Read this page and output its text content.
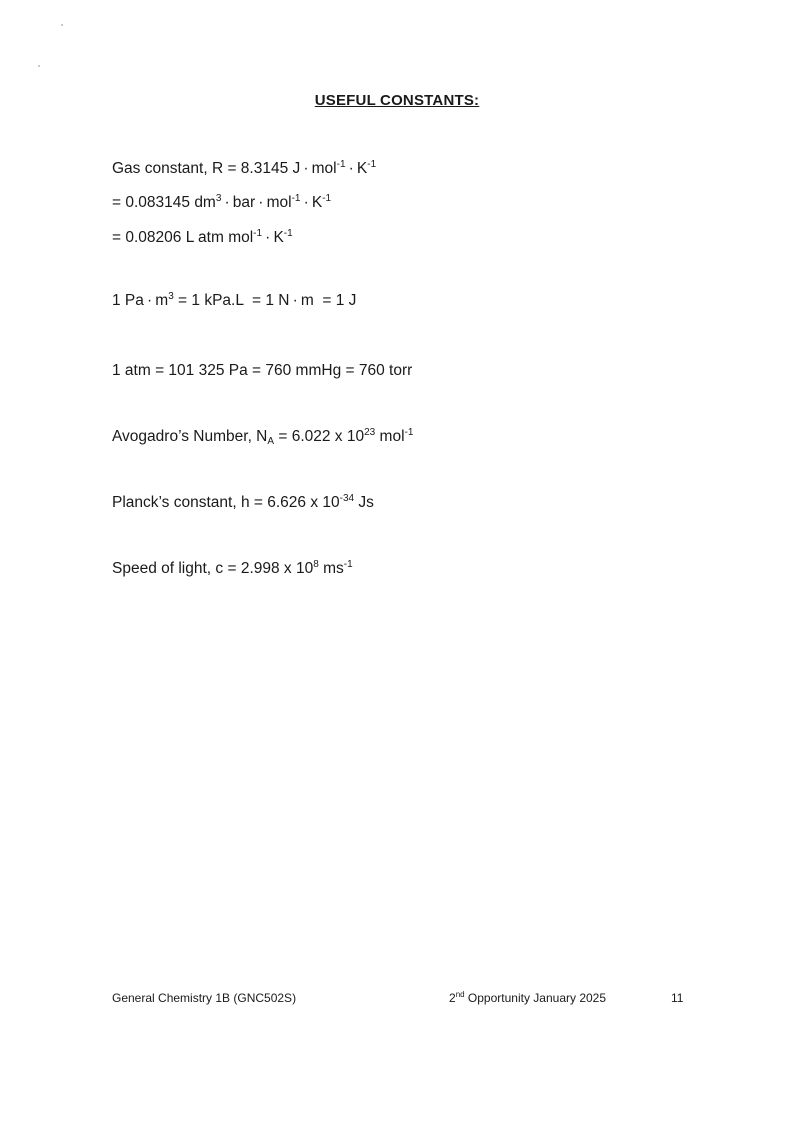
USEFUL CONSTANTS:
Gas constant, R = 8.3145 $J \cdot mol^{-1} \cdot K^{-1}$
= 0.083145 $dm^3$ · bar · $mol^{-1} \cdot K^{-1}$
= 0.08206 L atm $mol^{-1} \cdot K^{-1}$
1 $Pa \cdot m^3 = 1$ kPa.L  = 1 N · m  = 1 J
1 atm = 101 325 Pa = 760 mmHg = 760 torr
Avogadro’s Number, $N_A = 6.022$ x $10^{23}$ mol$^{-1}$
Planck’s constant, h = 6.626 x $10^{-34}$ Js
Speed of light, c = 2.998 x $10^8$ $ms^{-1}$
General Chemistry 1B (GNC502S)	2nd Opportunity January 2025	11
